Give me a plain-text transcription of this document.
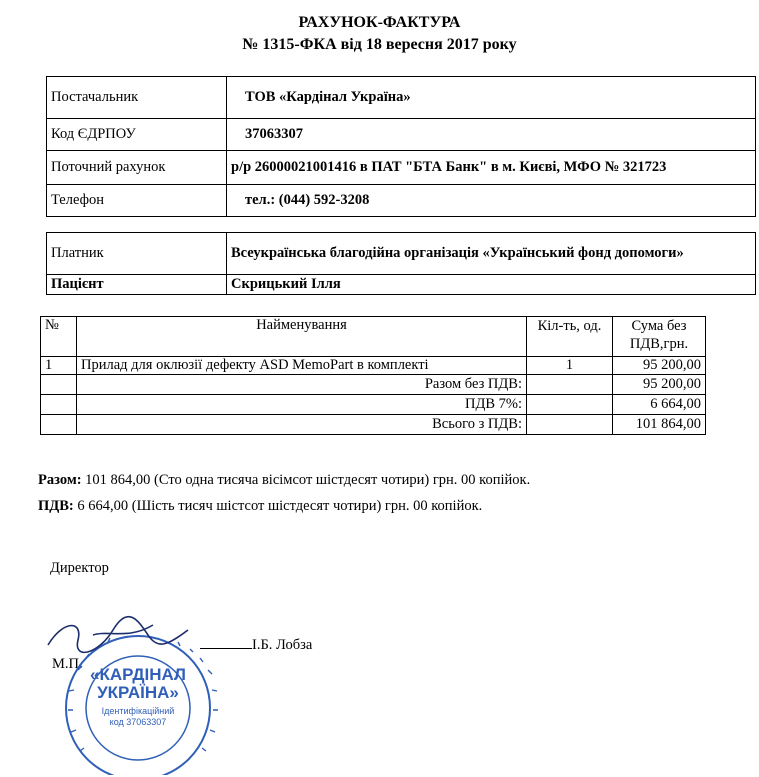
РАХУНОК-ФАКТУРА
№ 1315-ФКА від 18 вересня 2017 року
Постачальник	ТОВ «Кардінал Україна»
Код ЄДРПОУ	37063307
Поточний рахунок	р/р 26000021001416 в ПАТ "БТА Банк" в м. Києві, МФО № 321723
Телефон	тел.: (044) 592-3208
Платник	Всеукраїнська благодійна організація «Український фонд допомоги»
Пацієнт	Скрицький Ілля
№	Найменування	Кіл-ть, од.	Сума без ПДВ,грн.
1	Прилад для оклюзії дефекту ASD MemoPart в комплекті	1	95 200,00
	Разом без ПДВ:		95 200,00
	ПДВ 7%:		6 664,00
	Всього з ПДВ:		101 864,00
Разом: 101 864,00 (Сто одна тисяча вісімсот шістдесят чотири) грн. 00 копійок.
ПДВ: 6 664,00 (Шість тисяч шістсот шістдесят чотири) грн. 00 копійок.
Директор
І.Б. Лобза
М.П.
«КАРДІНАЛ
УКРАЇНА»
Ідентифікаційний
код 37063307
